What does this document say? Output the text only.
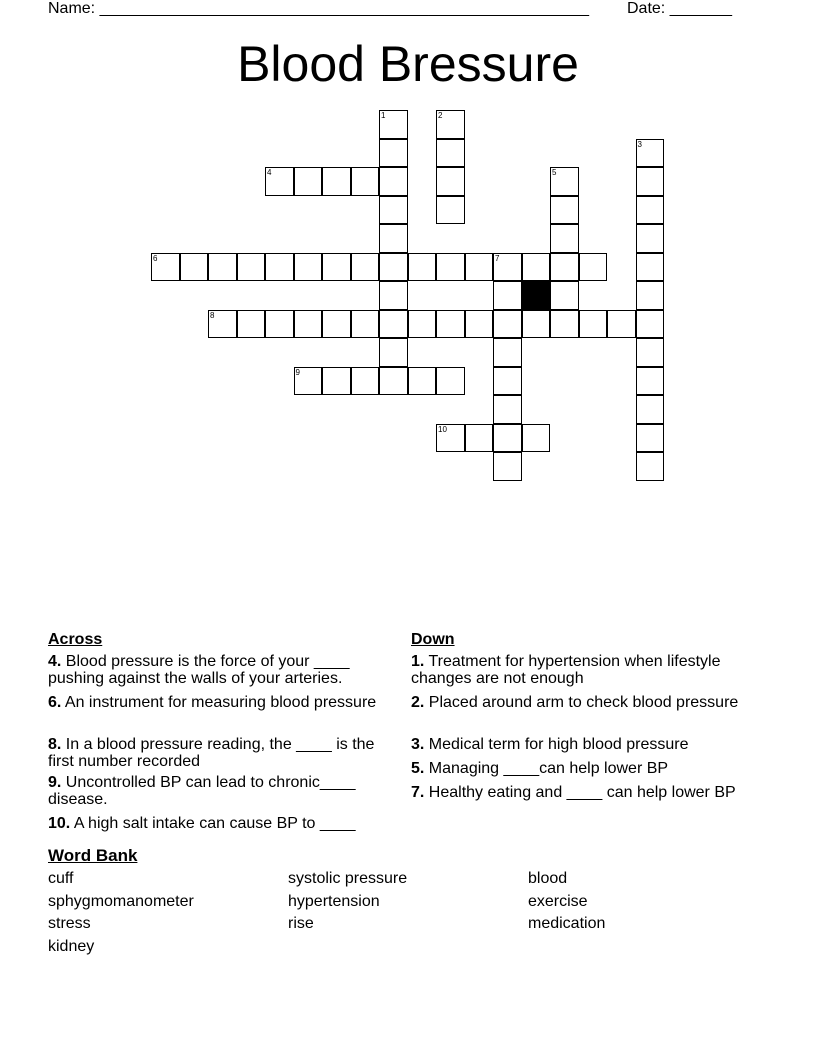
Name: _______________________________________________________ Date: _______
Blood Bressure
1	2
3
4	5
6	7
8
9
10
Across	Down
4. Blood pressure is the force of your ____ pushing against the walls of your arteries.
6. An instrument for measuring blood pressure
8. In a blood pressure reading, the ____ is the first number recorded
9. Uncontrolled BP can lead to chronic____ disease.
10. A high salt intake can cause BP to ____
1. Treatment for hypertension when lifestyle changes are not enough
2. Placed around arm to check blood pressure
3. Medical term for high blood pressure
5. Managing ____can help lower BP
7. Healthy eating and ____ can help lower BP
Word Bank
cuff	systolic pressure	blood
sphygmomanometer	hypertension	exercise
stress	rise	medication
kidney
